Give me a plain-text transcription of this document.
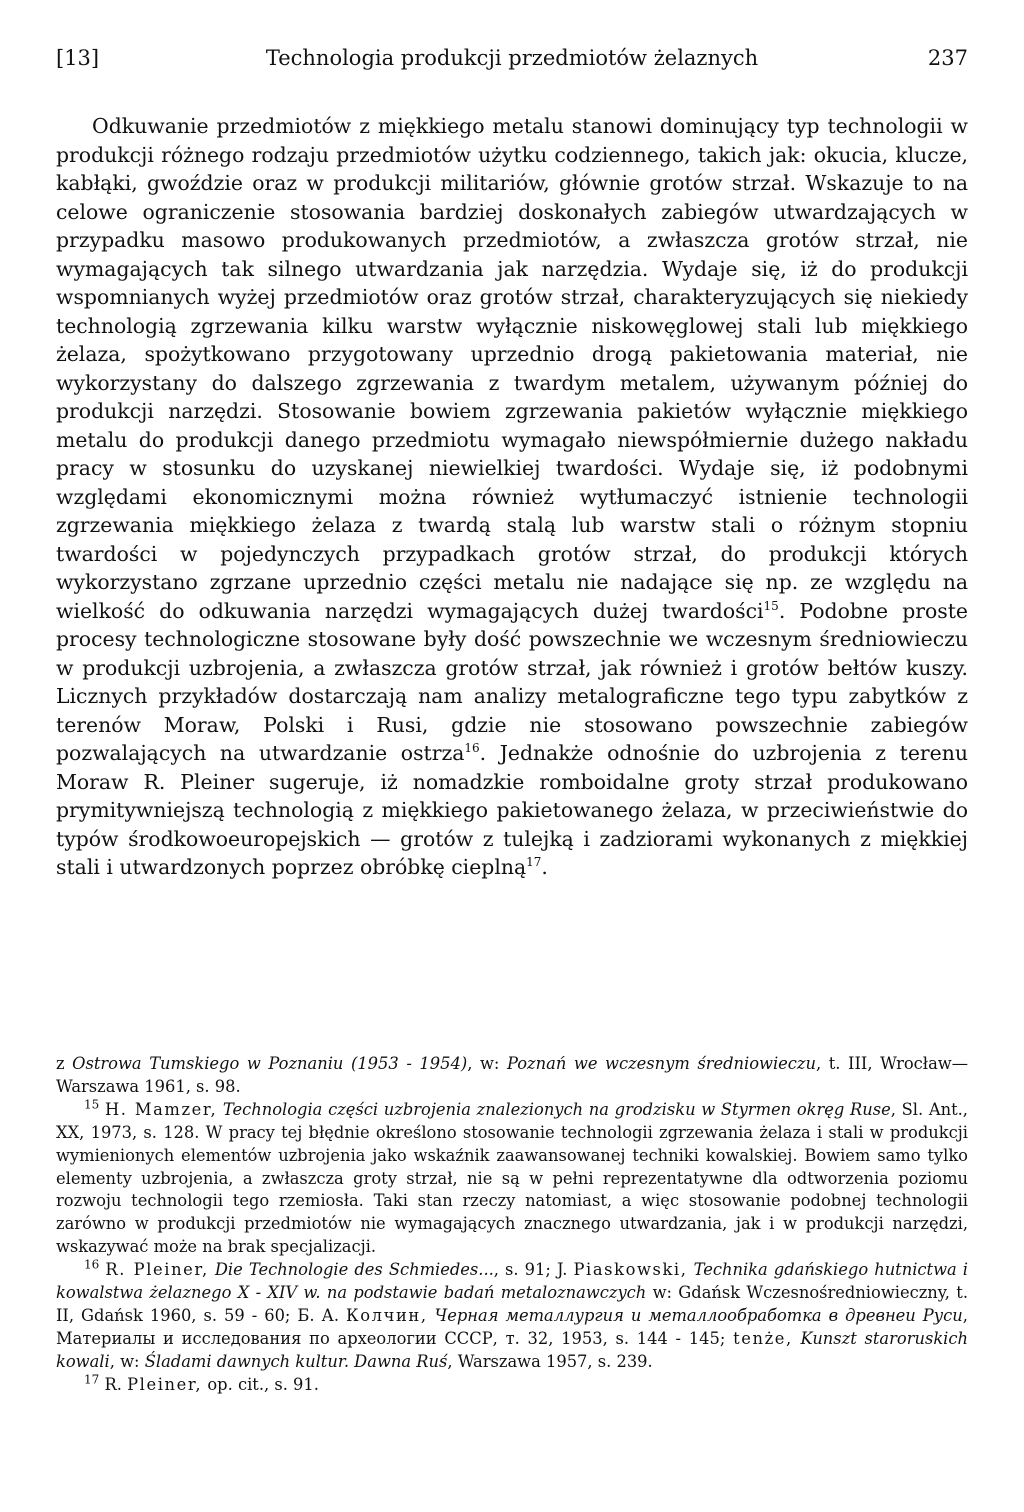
[13]	Technologia produkcji przedmiotów żelaznych	237

Odkuwanie przedmiotów z miękkiego metalu stanowi dominujący typ technologii w produkcji różnego rodzaju przedmiotów użytku codziennego, takich jak: okucia, klucze, kabłąki, gwoździe oraz w produkcji militariów, głównie grotów strzał. Wskazuje to na celowe ograniczenie stosowania bardziej doskonałych zabiegów utwardzających w przypadku masowo produkowanych przedmiotów, a zwłaszcza grotów strzał, nie wymagających tak silnego utwardzania jak narzędzia. Wydaje się, iż do produkcji wspomnianych wyżej przedmiotów oraz grotów strzał, charakteryzujących się niekiedy technologią zgrzewania kilku warstw wyłącznie niskowęglowej stali lub miękkiego żelaza, spożytkowano przygotowany uprzednio drogą pakietowania materiał, nie wykorzystany do dalszego zgrzewania z twardym metalem, używanym później do produkcji narzędzi. Stosowanie bowiem zgrzewania pakietów wyłącznie miękkiego metalu do produkcji danego przedmiotu wymagało niewspółmiernie dużego nakładu pracy w stosunku do uzyskanej niewielkiej twardości. Wydaje się, iż podobnymi względami ekonomicznymi można również wytłumaczyć istnienie technologii zgrzewania miękkiego żelaza z twardą stalą lub warstw stali o różnym stopniu twardości w pojedynczych przypadkach grotów strzał, do produkcji których wykorzystano zgrzane uprzednio części metalu nie nadające się np. ze względu na wielkość do odkuwania narzędzi wymagających dużej twardości$^{15}$. Podobne proste procesy technologiczne stosowane były dość powszechnie we wczesnym średniowieczu w produkcji uzbrojenia, a zwłaszcza grotów strzał, jak również i grotów bełtów kuszy. Licznych przykładów dostarczają nam analizy metalograficzne tego typu zabytków z terenów Moraw, Polski i Rusi, gdzie nie stosowano powszechnie zabiegów pozwalających na utwardzanie ostrza$^{16}$. Jednakże odnośnie do uzbrojenia z terenu Moraw R. Pleiner sugeruje, iż nomadzkie romboidalne groty strzał produkowano prymitywniejszą technologią z miękkiego pakietowanego żelaza, w przeciwieństwie do typów środkowoeuropejskich — grotów z tulejką i zadziorami wykonanych z miękkiej stali i utwardzonych poprzez obróbkę cieplną$^{17}$.

z Ostrowa Tumskiego w Poznaniu (1953 - 1954), w: Poznań we wczesnym średniowieczu, t. III, Wrocław—Warszawa 1961, s. 98.

$^{15}$ H. Mamzer, Technologia części uzbrojenia znalezionych na grodzisku w Styrmen okręg Ruse, Sl. Ant., XX, 1973, s. 128. W pracy tej błędnie określono stosowanie technologii zgrzewania żelaza i stali w produkcji wymienionych elementów uzbrojenia jako wskaźnik zaawansowanej techniki kowalskiej. Bowiem samo tylko elementy uzbrojenia, a zwłaszcza groty strzał, nie są w pełni reprezentatywne dla odtworzenia poziomu rozwoju technologii tego rzemiosła. Taki stan rzeczy natomiast, a więc stosowanie podobnej technologii zarówno w produkcji przedmiotów nie wymagających znacznego utwardzania, jak i w produkcji narzędzi, wskazywać może na brak specjalizacji.

$^{16}$ R. Pleiner, Die Technologie des Schmiedes..., s. 91; J. Piaskowski, Technika gdańskiego hutnictwa i kowalstwa żelaznego X - XIV w. na podstawie badań metaloznawczych w: Gdańsk Wczesnośredniowieczny, t. II, Gdańsk 1960, s. 59 - 60; Б. А. Колчин, Черная металлургия и металлообработка в древнеи Руси, Материалы и исследования по археологии СССР, т. 32, 1953, s. 144 - 145; tenże, Kunszt staroruskich kowali, w: Śladami dawnych kultur. Dawna Ruś, Warszawa 1957, s. 239.

$^{17}$ R. Pleiner, op. cit., s. 91.
